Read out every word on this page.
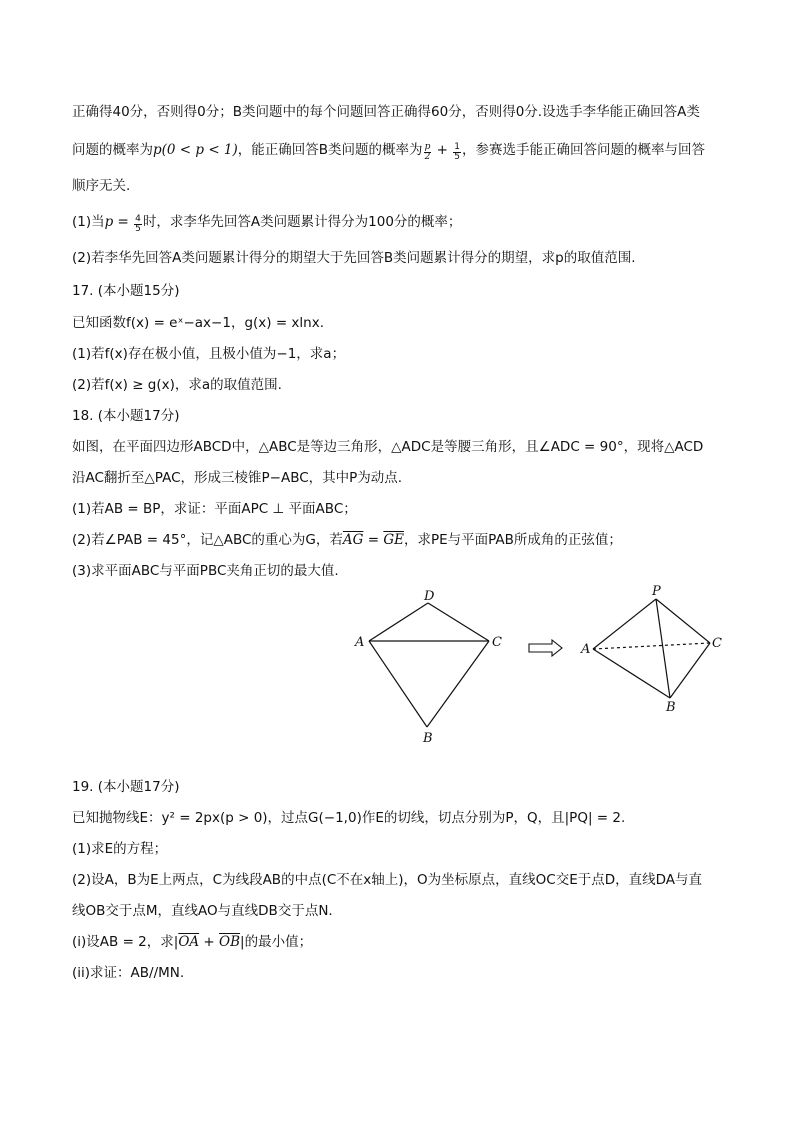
正确得40分，否则得0分；B类问题中的每个问题回答正确得60分，否则得0分.设选手李华能正确回答A类
问题的概率为p(0 < p < 1)，能正确回答B类问题的概率为 $\frac{p}{2} + \frac{1}{5}$ ，参赛选手能正确回答问题的概率与回答
顺序无关.
(1)当$p = \frac{4}{5}$ 时，求李华先回答A类问题累计得分为100分的概率；
(2)若李华先回答A类问题累计得分的期望大于先回答B类问题累计得分的期望，求p的取值范围.
17. (本小题15分)
已知函数f(x) = eˣ−ax−1，g(x) = xlnx.
(1)若f(x)存在极小值，且极小值为−1，求a；
(2)若f(x) ≥ g(x)，求a的取值范围.
18. (本小题17分)
如图，在平面四边形ABCD中，△ABC是等边三角形，△ADC是等腰三角形，且∠ADC = 90°，现将△ACD
沿AC翻折至△PAC，形成三棱锥P−ABC，其中P为动点.
(1)若AB = BP，求证：平面APC ⊥ 平面ABC；
(2)若∠PAB = 45°，记△ABC的重心为G，若$\overline{AG} = \overline{GE}$，求PE与平面PAB所成角的正弦值；
(3)求平面ABC与平面PBC夹角正切的最大值.
D
A	C
B
P
A	C
B
19. (本小题17分)
已知抛物线E：y² = 2px(p > 0)，过点G(−1,0)作E的切线，切点分别为P，Q，且|PQ| = 2.
(1)求E的方程；
(2)设A，B为E上两点，C为线段AB的中点(C不在x轴上)，O为坐标原点，直线OC交E于点D，直线DA与直
线OB交于点M，直线AO与直线DB交于点N.
(i)设AB = 2，求$|\overline{OA} + \overline{OB}|$的最小值；
(ii)求证：AB//MN.
